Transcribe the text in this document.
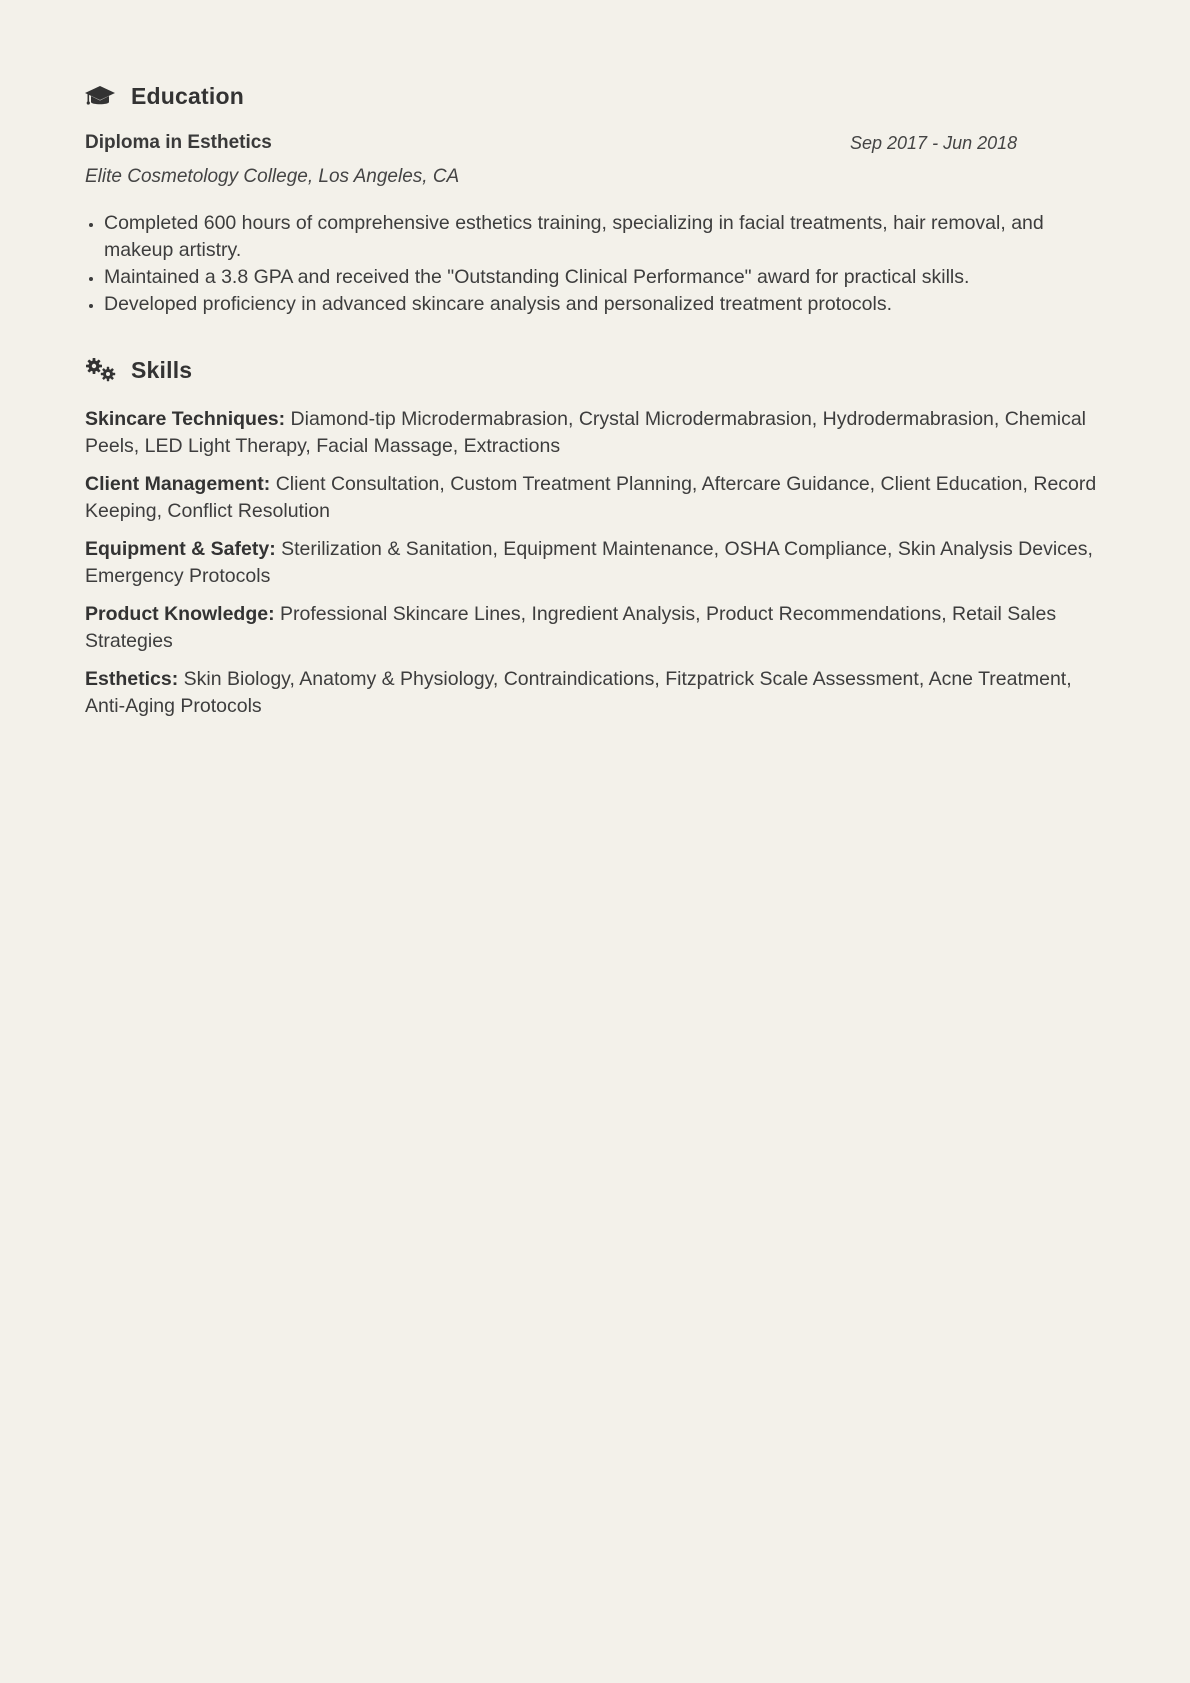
Education
Diploma in Esthetics	Sep 2017 - Jun 2018
Elite Cosmetology College, Los Angeles, CA
• Completed 600 hours of comprehensive esthetics training, specializing in facial treatments, hair removal, and makeup artistry.
• Maintained a 3.8 GPA and received the "Outstanding Clinical Performance" award for practical skills.
• Developed proficiency in advanced skincare analysis and personalized treatment protocols.
Skills
Skincare Techniques: Diamond-tip Microdermabrasion, Crystal Microdermabrasion, Hydrodermabrasion, Chemical Peels, LED Light Therapy, Facial Massage, Extractions
Client Management: Client Consultation, Custom Treatment Planning, Aftercare Guidance, Client Education, Record Keeping, Conflict Resolution
Equipment & Safety: Sterilization & Sanitation, Equipment Maintenance, OSHA Compliance, Skin Analysis Devices, Emergency Protocols
Product Knowledge: Professional Skincare Lines, Ingredient Analysis, Product Recommendations, Retail Sales Strategies
Esthetics: Skin Biology, Anatomy & Physiology, Contraindications, Fitzpatrick Scale Assessment, Acne Treatment, Anti-Aging Protocols
